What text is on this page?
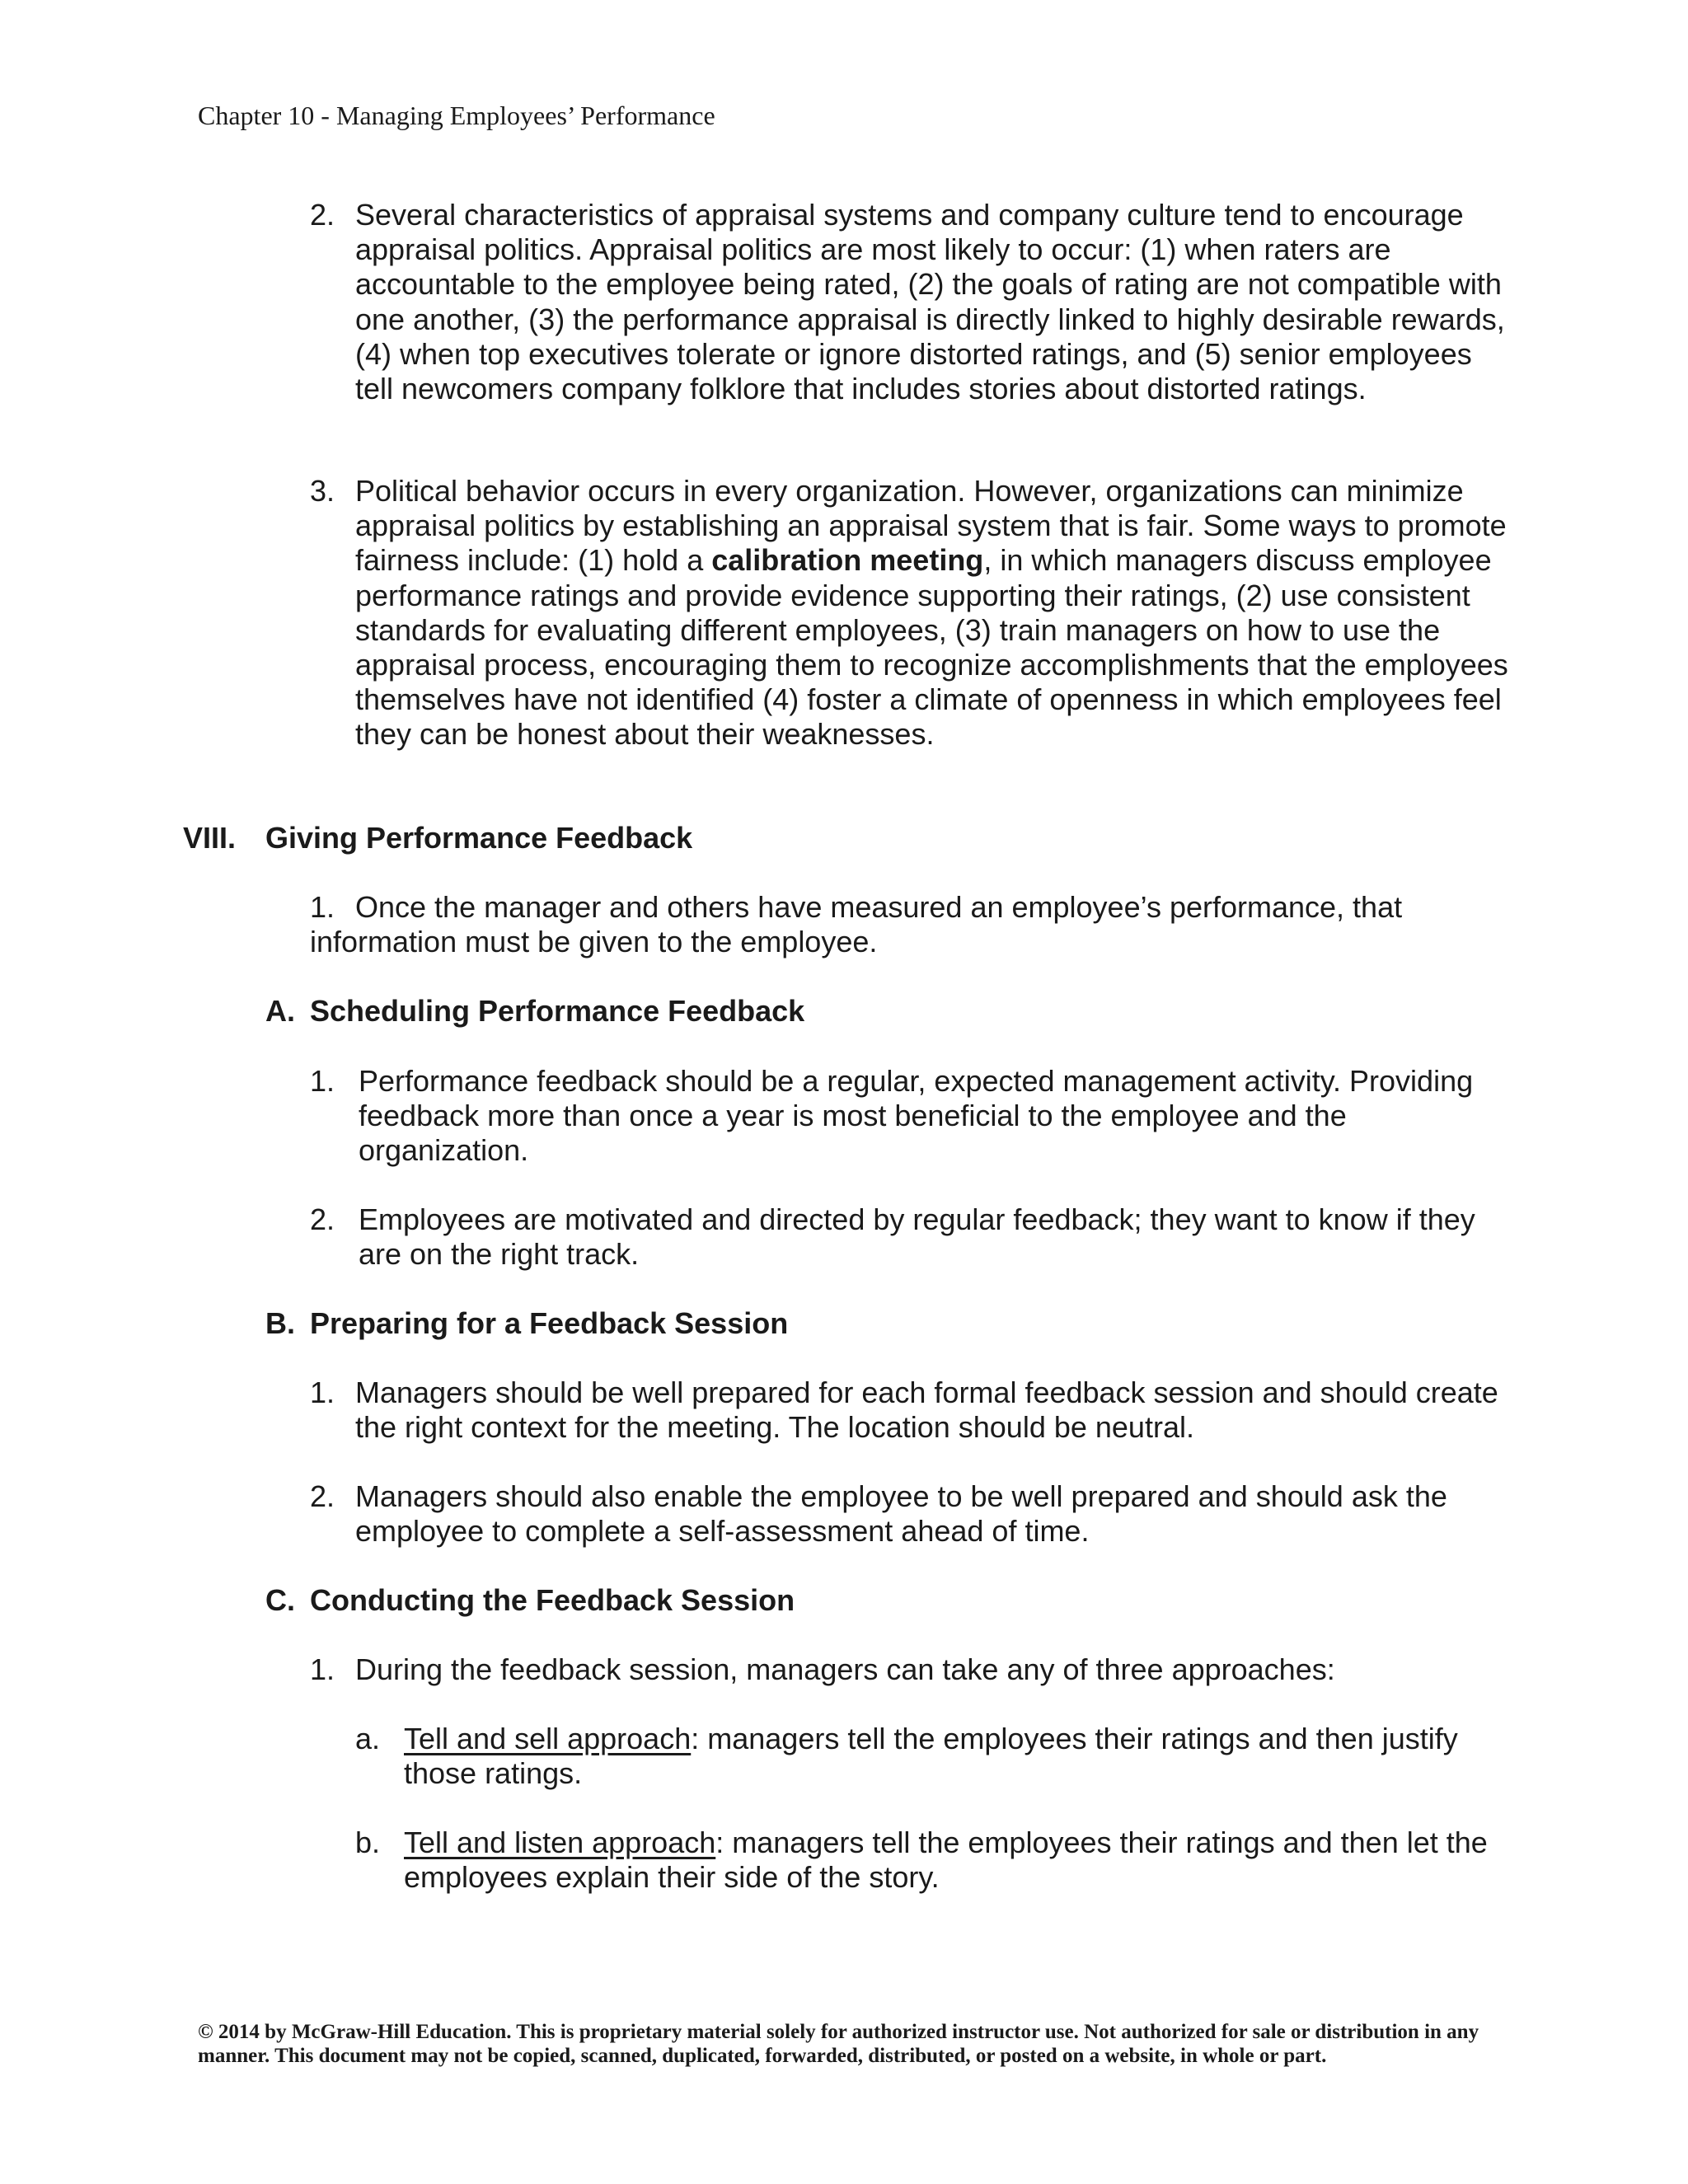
Chapter 10 - Managing Employees’ Performance
2. Several characteristics of appraisal systems and company culture tend to encourage appraisal politics. Appraisal politics are most likely to occur: (1) when raters are accountable to the employee being rated, (2) the goals of rating are not compatible with one another, (3) the performance appraisal is directly linked to highly desirable rewards, (4) when top executives tolerate or ignore distorted ratings, and (5) senior employees tell newcomers company folklore that includes stories about distorted ratings.

3. Political behavior occurs in every organization. However, organizations can minimize appraisal politics by establishing an appraisal system that is fair. Some ways to promote fairness include: (1) hold a calibration meeting, in which managers discuss employee performance ratings and provide evidence supporting their ratings, (2) use consistent standards for evaluating different employees, (3) train managers on how to use the appraisal process, encouraging them to recognize accomplishments that the employees themselves have not identified (4) foster a climate of openness in which employees feel they can be honest about their weaknesses.

VIII. Giving Performance Feedback
1. Once the manager and others have measured an employee’s performance, that information must be given to the employee.

A. Scheduling Performance Feedback
1. Performance feedback should be a regular, expected management activity. Providing feedback more than once a year is most beneficial to the employee and the organization.

2. Employees are motivated and directed by regular feedback; they want to know if they are on the right track.

B. Preparing for a Feedback Session
1. Managers should be well prepared for each formal feedback session and should create the right context for the meeting. The location should be neutral.

2. Managers should also enable the employee to be well prepared and should ask the employee to complete a self-assessment ahead of time.

C. Conducting the Feedback Session
1. During the feedback session, managers can take any of three approaches:

a. Tell and sell approach: managers tell the employees their ratings and then justify those ratings.

b. Tell and listen approach: managers tell the employees their ratings and then let the employees explain their side of the story.

© 2014 by McGraw-Hill Education. This is proprietary material solely for authorized instructor use. Not authorized for sale or distribution in any manner. This document may not be copied, scanned, duplicated, forwarded, distributed, or posted on a website, in whole or part.
